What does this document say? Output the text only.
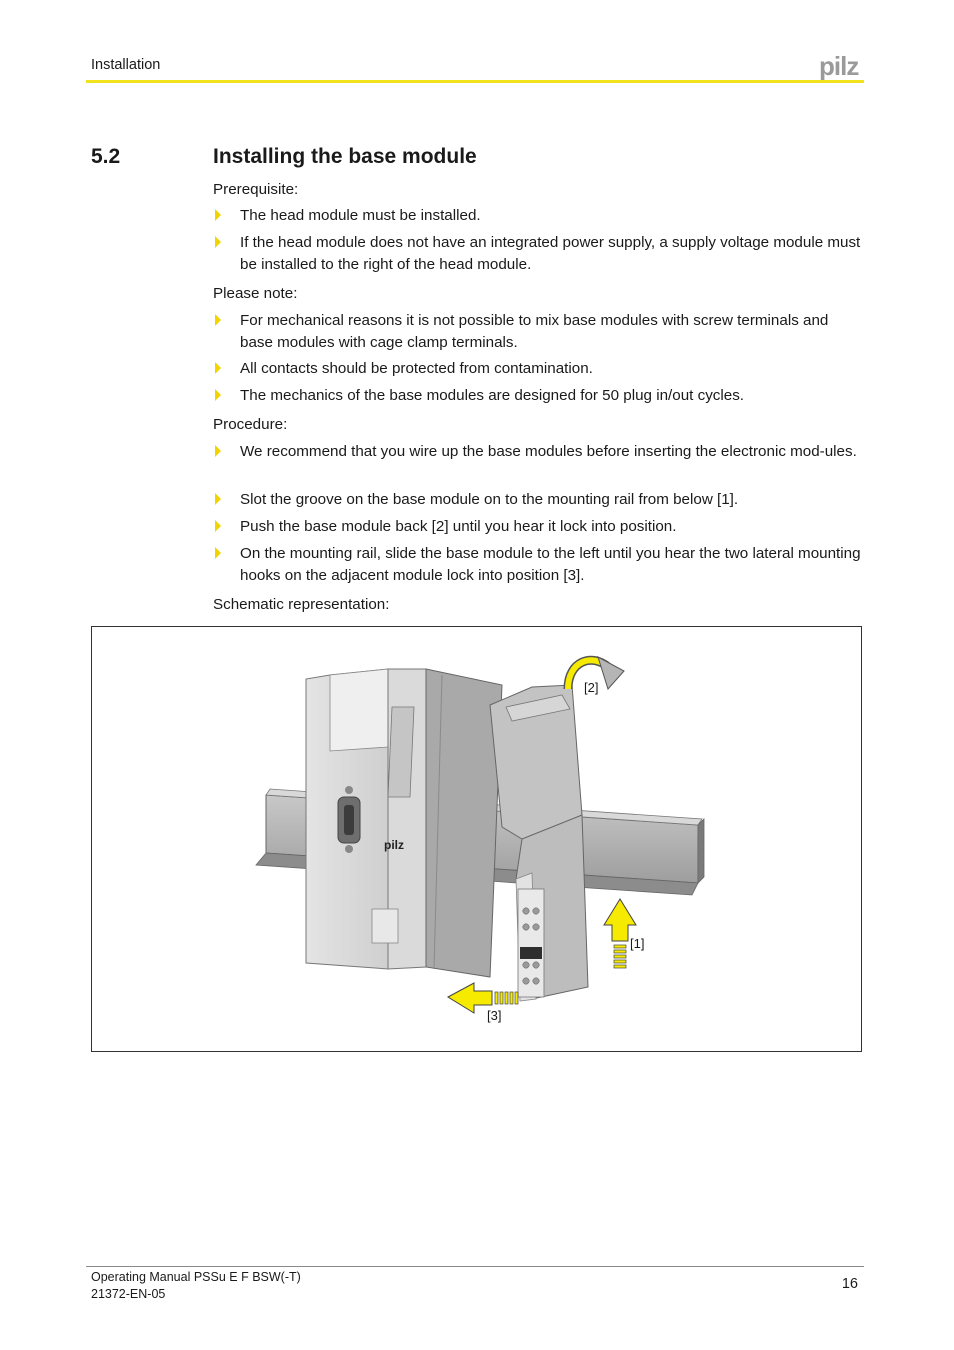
Installation	pilz
5.2	Installing the base module
Prerequisite:
The head module must be installed.
If the head module does not have an integrated power supply, a supply voltage module must be installed to the right of the head module.
Please note:
For mechanical reasons it is not possible to mix base modules with screw terminals and base modules with cage clamp terminals.
All contacts should be protected from contamination.
The mechanics of the base modules are designed for 50 plug in/out cycles.
Procedure:
We recommend that you wire up the base modules before inserting the electronic mod-ules.
Slot the groove on the base module on to the mounting rail from below [1].
Push the base module back [2] until you hear it lock into position.
On the mounting rail, slide the base module to the left until you hear the two lateral mounting hooks on the adjacent module lock into position [3].
Schematic representation:
pilz
[2]
[1]
[3]
Operating Manual PSSu E F BSW(-T)
21372-EN-05
16
